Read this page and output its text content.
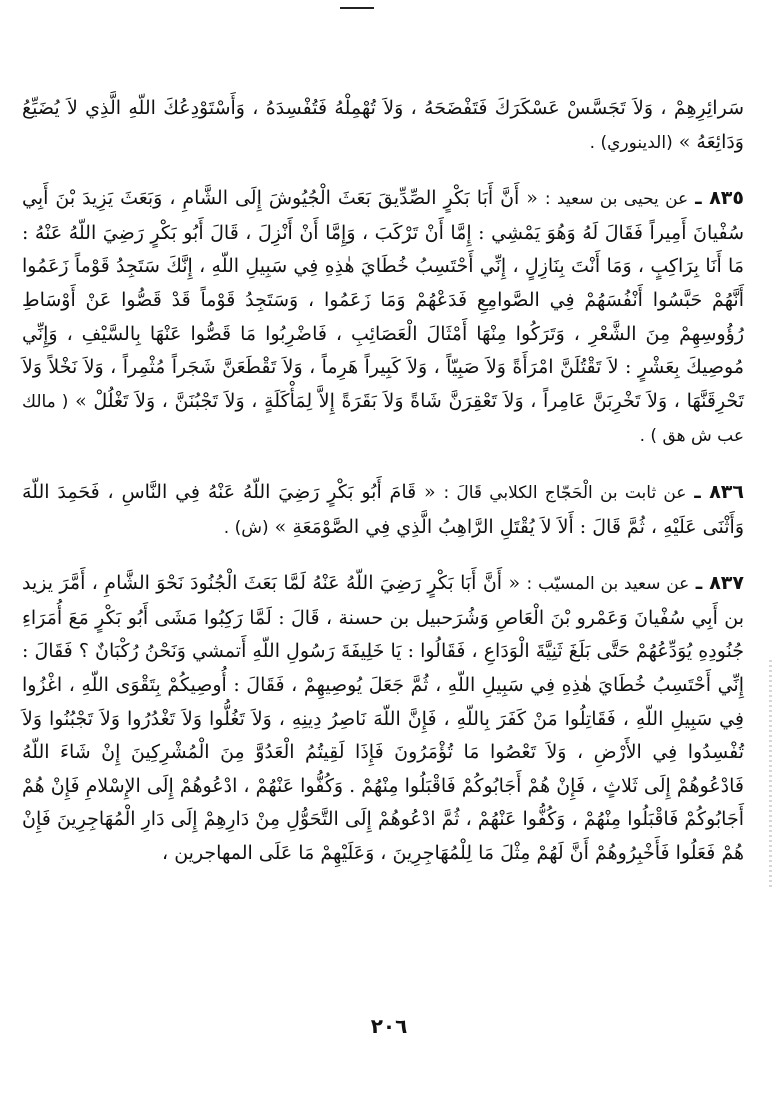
سَرائِرِهِمْ ، وَلاَ تَجَسَّسْ عَسْكَرَكَ فَتَفْضَحَهُ ، وَلاَ تُهْمِلْهُ فَتُفْسِدَهُ ، وَأَسْتَوْدِعُكَ اللّهِ الَّذِي لاَ يُضَيِّعُ وَدَائِعَهُ » (الدينوري) .

٨٣٥ ـ عن يحيى بن سعيد : « أَنَّ أَبَا بَكْرٍ الصِّدِّيقَ بَعَثَ الْجُيُوشَ إِلَى الشَّامِ ، وَبَعَثَ يَزِيدَ بْنَ أَبِي سُفْيانَ أَمِيراً فَقَالَ لَهُ وَهُوَ يَمْشِي : إِمَّا أَنْ تَرْكَبَ ، وَإِمَّا أَنْ أَنْزِلَ ، قَالَ أَبُو بَكْرٍ رَضِيَ اللّهُ عَنْهُ : مَا أَنَا بِرَاكِبٍ ، وَمَا أَنْتَ بِنَازِلٍ ، إِنِّي أَحْتَسِبُ خُطَايَ هٰذِهِ فِي سَبِيلِ اللّهِ ، إِنَّكَ سَتَجِدُ قَوْماً زَعَمُوا أَنَّهُمْ حَبَّسُوا أَنْفُسَهُمْ فِي الصَّوامِعِ فَدَعْهُمْ وَمَا زَعَمُوا ، وَسَتَجِدُ قَوْماً قَدْ قَصُّوا عَنْ أَوْسَاطِ رُؤُوسِهِمْ مِنَ الشَّعْرِ ، وَتَرَكُوا مِنْهَا أَمْثَالَ الْعَصَائِبِ ، فَاضْرِبُوا مَا قَصُّوا عَنْهَا بِالسَّيْفِ ، وَإِنِّي مُوصِيكَ بِعَشْرٍ : لاَ تَقْتُلَنَّ امْرَأَةً وَلاَ صَبِيّاً ، وَلاَ كَبِيراً هَرِماً ، وَلاَ تَقْطَعَنَّ شَجَراً مُثْمِراً ، وَلاَ نَخْلاً وَلاَ تَحْرِقَنَّهَا ، وَلاَ تَخْرِبَنَّ عَامِراً ، وَلاَ تَعْقِرَنَّ شَاةً وَلاَ بَقَرَةً إِلاَّ لِمَأْكَلَةٍ ، وَلاَ تَجْبُنَنَّ ، وَلاَ تَغْلُلْ » ( مالك عب ش هق ) .

٨٣٦ ـ عن ثابت بن الْحَجّاج الكلابي قَالَ : « قَامَ أَبُو بَكْرٍ رَضِيَ اللّهُ عَنْهُ فِي النَّاسِ ، فَحَمِدَ اللّهَ وَأَثْنَى عَلَيْهِ ، ثُمَّ قَالَ : أَلاَ لاَ يُقْتَلِ الرَّاهِبُ الَّذِي فِي الصَّوْمَعَةِ » (ش) .

٨٣٧ ـ عن سعيد بن المسيّب : « أَنَّ أَبَا بَكْرٍ رَضِيَ اللّهُ عَنْهُ لَمَّا بَعَثَ الْجُنُودَ نَحْوَ الشَّامِ ، أَمَّرَ يزيد بن أَبِي سُفْيانَ وَعَمْرو بْنَ الْعَاصِ وَشُرَحبيل بن حسنة ، قَالَ : لَمَّا رَكِبُوا مَشَى أَبُو بَكْرٍ مَعَ أُمَرَاءِ جُنُودِهِ يُوَدِّعُهُمْ حَتَّى بَلَغَ ثَنِيَّةَ الْوَدَاعِ ، فَقَالُوا : يَا خَلِيفَةَ رَسُولِ اللّهِ أَتمشي وَنَحْنُ رُكْبَانٌ ؟ فَقَالَ : إِنِّي أَحْتَسِبُ خُطَايَ هٰذِهِ فِي سَبِيلِ اللّهِ ، ثُمَّ جَعَلَ يُوصِيهِمْ ، فَقَالَ : أُوصِيكُمْ بِتَقْوَى اللّهِ ، اغْزُوا فِي سَبِيلِ اللّهِ ، فَقَاتِلُوا مَنْ كَفَرَ بِاللّهِ ، فَإِنَّ اللّهَ نَاصِرُ دِينِهِ ، وَلاَ تَغُلُّوا وَلاَ تَغْدُرُوا وَلاَ تَجْبُنُوا وَلاَ تُفْسِدُوا فِي الأَرْضِ ، وَلاَ تَعْصُوا مَا تُؤْمَرُونَ فَإِذَا لَقِيتُمُ الْعَدُوَّ مِنَ الْمُشْرِكِينَ إِنْ شَاءَ اللّهُ فَادْعُوهُمْ إِلَى ثَلاثٍ ، فَإِنْ هُمْ أَجَابُوكُمْ فَاقْبَلُوا مِنْهُمْ . وَكُفُّوا عَنْهُمْ ، ادْعُوهُمْ إِلَى الإِسْلامِ فَإِنْ هُمْ أَجَابُوكُمْ فَاقْبَلُوا مِنْهُمْ ، وَكُفُّوا عَنْهُمْ ، ثُمَّ ادْعُوهُمْ إِلَى التَّحَوُّلِ مِنْ دَارِهِمْ إِلَى دَارِ الْمُهَاجِرِينَ فَإِنْ هُمْ فَعَلُوا فَأَخْبِرُوهُمْ أَنَّ لَهُمْ مِثْلَ مَا لِلْمُهَاجِرِينَ ، وَعَلَيْهِمْ مَا عَلَى المهاجرين ،

٢٠٦
